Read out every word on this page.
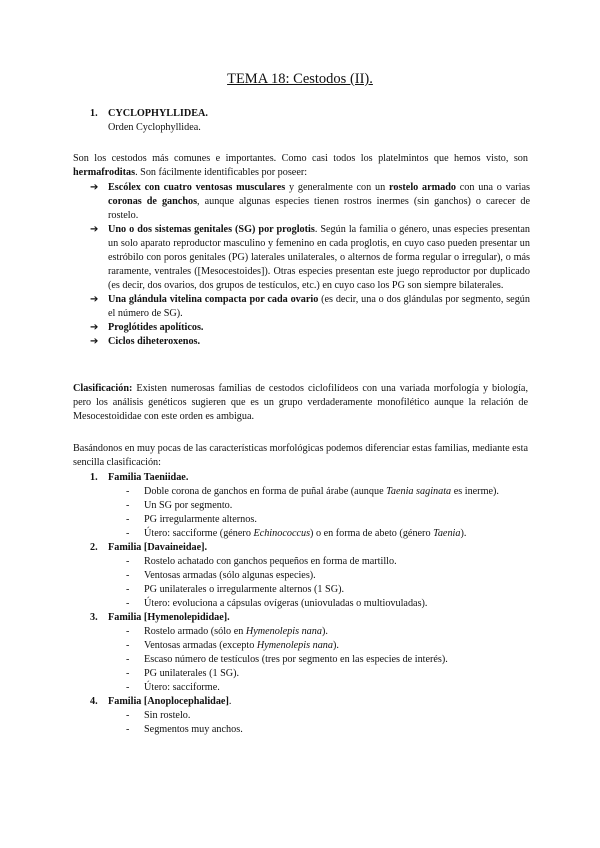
TEMA 18: Cestodos (II).
1. CYCLOPHYLLIDEA.
Orden Cyclophyllidea.
Son los cestodos más comunes e importantes. Como casi todos los platelmintos que hemos visto, son hermafroditas. Son fácilmente identificables por poseer:
➔ Escólex con cuatro ventosas musculares y generalmente con un rostelo armado con una o varias coronas de ganchos, aunque algunas especies tienen rostros inermes (sin ganchos) o carecer de rostelo.
➔ Uno o dos sistemas genitales (SG) por proglotis. Según la familia o género, unas especies presentan un solo aparato reproductor masculino y femenino en cada proglotis, en cuyo caso pueden presentar un estróbilo con poros genitales (PG) laterales unilaterales, o alternos de forma regular o irregular), o más raramente, ventrales ([Mesocestoides]). Otras especies presentan este juego reproductor por duplicado (es decir, dos ovarios, dos grupos de testículos, etc.) en cuyo caso los PG son siempre bilaterales.
➔ Una glándula vitelina compacta por cada ovario (es decir, una o dos glándulas por segmento, según el número de SG).
➔ Proglótides apolíticos.
➔ Ciclos diheteroxenos.
Clasificación: Existen numerosas familias de cestodos ciclofilídeos con una variada morfología y biología, pero los análisis genéticos sugieren que es un grupo verdaderamente monofilético aunque la relación de Mesocestoididae con este orden es ambigua.
Basándonos en muy pocas de las características morfológicas podemos diferenciar estas familias, mediante esta sencilla clasificación:
1. Familia Taeniidae.
- Doble corona de ganchos en forma de puñal árabe (aunque Taenia saginata es inerme).
- Un SG por segmento.
- PG irregularmente alternos.
- Útero: sacciforme (género Echinococcus) o en forma de abeto (género Taenia).
2. Familia [Davaineidae].
- Rostelo achatado con ganchos pequeños en forma de martillo.
- Ventosas armadas (sólo algunas especies).
- PG unilaterales o irregularmente alternos (1 SG).
- Útero: evoluciona a cápsulas ovígeras (uniovuladas o multiovuladas).
3. Familia [Hymenolepididae].
- Rostelo armado (sólo en Hymenolepis nana).
- Ventosas armadas (excepto Hymenolepis nana).
- Escaso número de testículos (tres por segmento en las especies de interés).
- PG unilaterales (1 SG).
- Útero: sacciforme.
4. Familia [Anoplocephalidae].
- Sin rostelo.
- Segmentos muy anchos.
